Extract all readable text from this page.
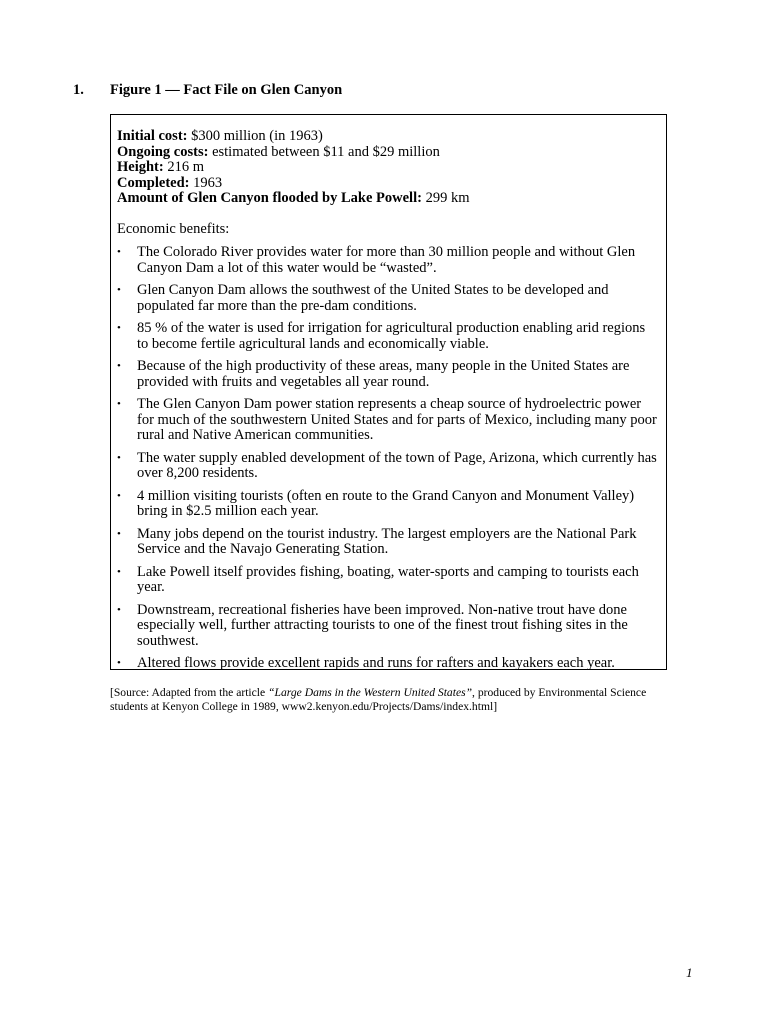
1. Figure 1 — Fact File on Glen Canyon

Initial cost: $300 million (in 1963)

Ongoing costs: estimated between $11 and $29 million

Height: 216 m

Completed: 1963

Amount of Glen Canyon flooded by Lake Powell: 299 km

Economic benefits:
• The Colorado River provides water for more than 30 million people and without Glen Canyon Dam a lot of this water would be “wasted”.
• Glen Canyon Dam allows the southwest of the United States to be developed and populated far more than the pre-dam conditions.
• 85 % of the water is used for irrigation for agricultural production enabling arid regions to become fertile agricultural lands and economically viable.
• Because of the high productivity of these areas, many people in the United States are provided with fruits and vegetables all year round.
• The Glen Canyon Dam power station represents a cheap source of hydroelectric power for much of the southwestern United States and for parts of Mexico, including many poor rural and Native American communities.
• The water supply enabled development of the town of Page, Arizona, which currently has over 8,200 residents.
• 4 million visiting tourists (often en route to the Grand Canyon and Monument Valley) bring in $2.5 million each year.
• Many jobs depend on the tourist industry. The largest employers are the National Park Service and the Navajo Generating Station.
• Lake Powell itself provides fishing, boating, water-sports and camping to tourists each year.
• Downstream, recreational fisheries have been improved. Non-native trout have done especially well, further attracting tourists to one of the finest trout fishing sites in the southwest.
• Altered flows provide excellent rapids and runs for rafters and kayakers each year.
[Source: Adapted from the article “Large Dams in the Western United States”, produced by Environmental Science students at Kenyon College in 1989, www2.kenyon.edu/Projects/Dams/index.html]
1
